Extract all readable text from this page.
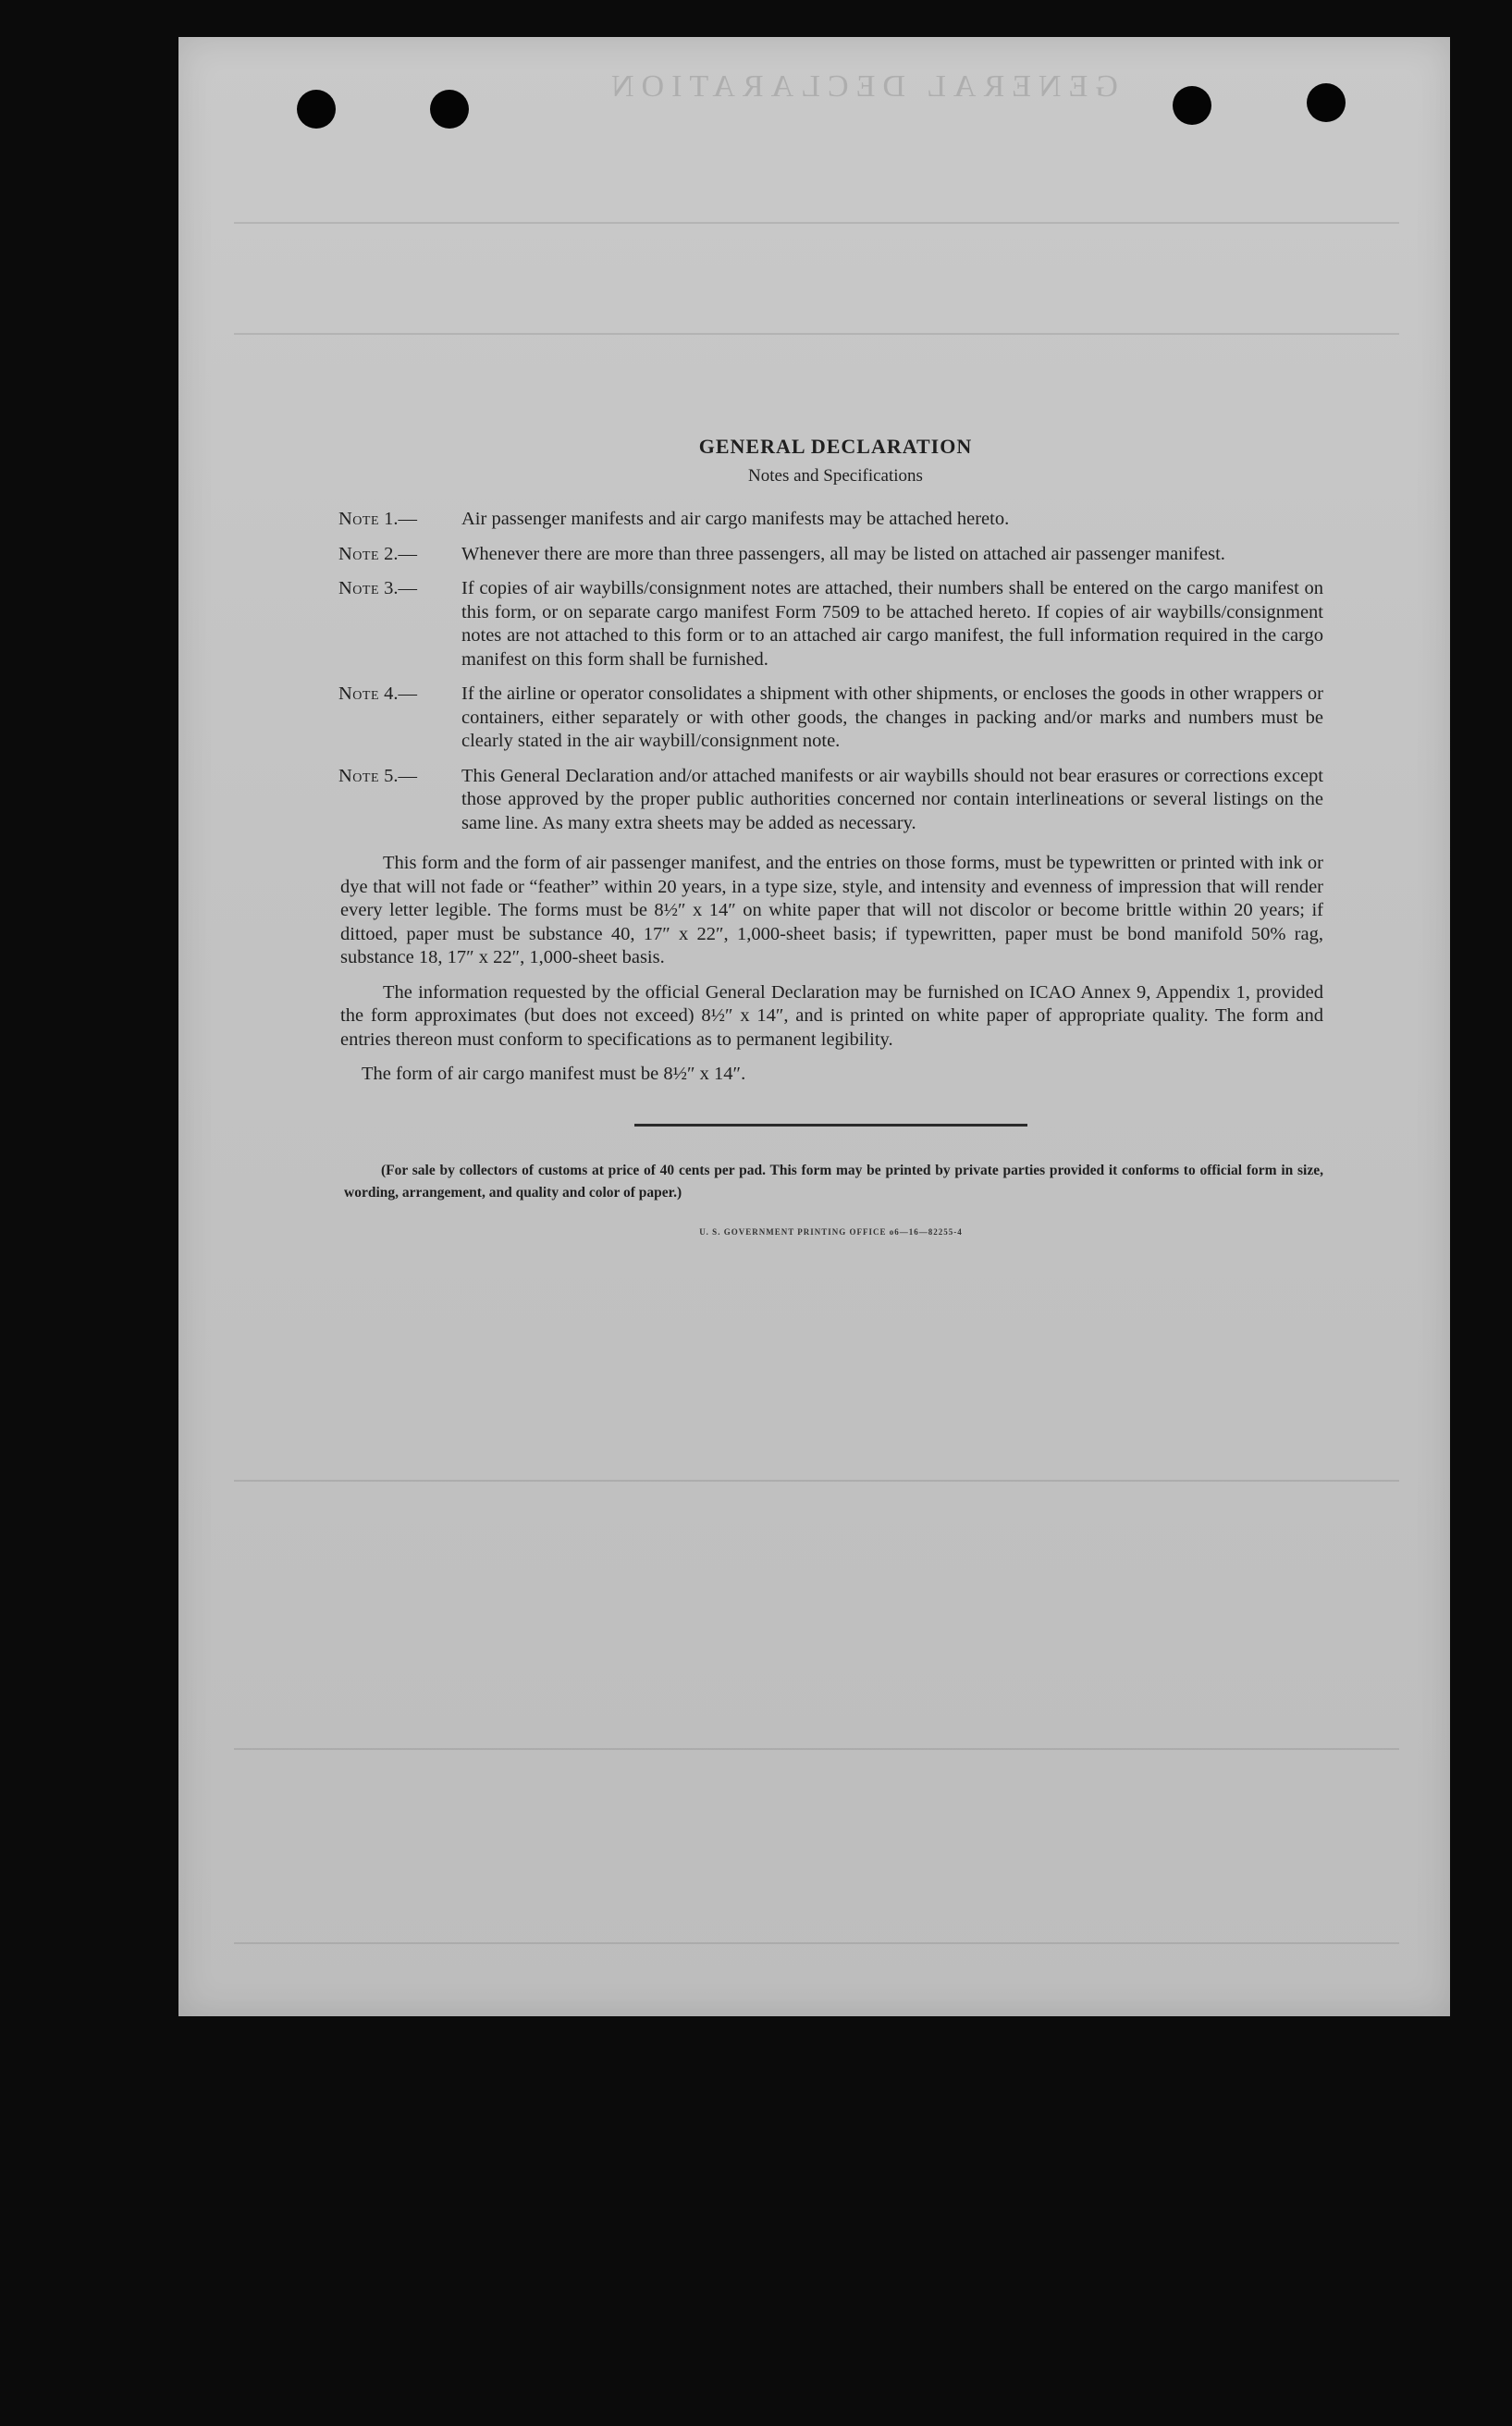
GENERAL DECLARATION

GENERAL DECLARATION

Notes and Specifications

Note 1.—	Air passenger manifests and air cargo manifests may be attached hereto.
Note 2.—	Whenever there are more than three passengers, all may be listed on attached air passenger manifest.
Note 3.—	If copies of air waybills/consignment notes are attached, their numbers shall be entered on the cargo manifest on this form, or on separate cargo manifest Form 7509 to be attached hereto. If copies of air waybills/consignment notes are not attached to this form or to an attached air cargo manifest, the full information required in the cargo manifest on this form shall be furnished.
Note 4.—	If the airline or operator consolidates a shipment with other shipments, or encloses the goods in other wrappers or containers, either separately or with other goods, the changes in packing and/or marks and numbers must be clearly stated in the air waybill/consignment note.
Note 5.—	This General Declaration and/or attached manifests or air waybills should not bear erasures or corrections except those approved by the proper public authorities concerned nor contain interlineations or several listings on the same line. As many extra sheets may be added as necessary.

This form and the form of air passenger manifest, and the entries on those forms, must be typewritten or printed with ink or dye that will not fade or “feather” within 20 years, in a type size, style, and intensity and evenness of impression that will render every letter legible. The forms must be 8½″ x 14″ on white paper that will not discolor or become brittle within 20 years; if dittoed, paper must be substance 40, 17″ x 22″, 1,000-sheet basis; if typewritten, paper must be bond manifold 50% rag, substance 18, 17″ x 22″, 1,000-sheet basis.

The information requested by the official General Declaration may be furnished on ICAO Annex 9, Appendix 1, provided the form approximates (but does not exceed) 8½″ x 14″, and is printed on white paper of appropriate quality. The form and entries thereon must conform to specifications as to permanent legibility.

The form of air cargo manifest must be 8½″ x 14″.

(For sale by collectors of customs at price of 40 cents per pad. This form may be printed by private parties provided it conforms to official form in size, wording, arrangement, and quality and color of paper.)

U. S. GOVERNMENT PRINTING OFFICE o6—16—82255-4
